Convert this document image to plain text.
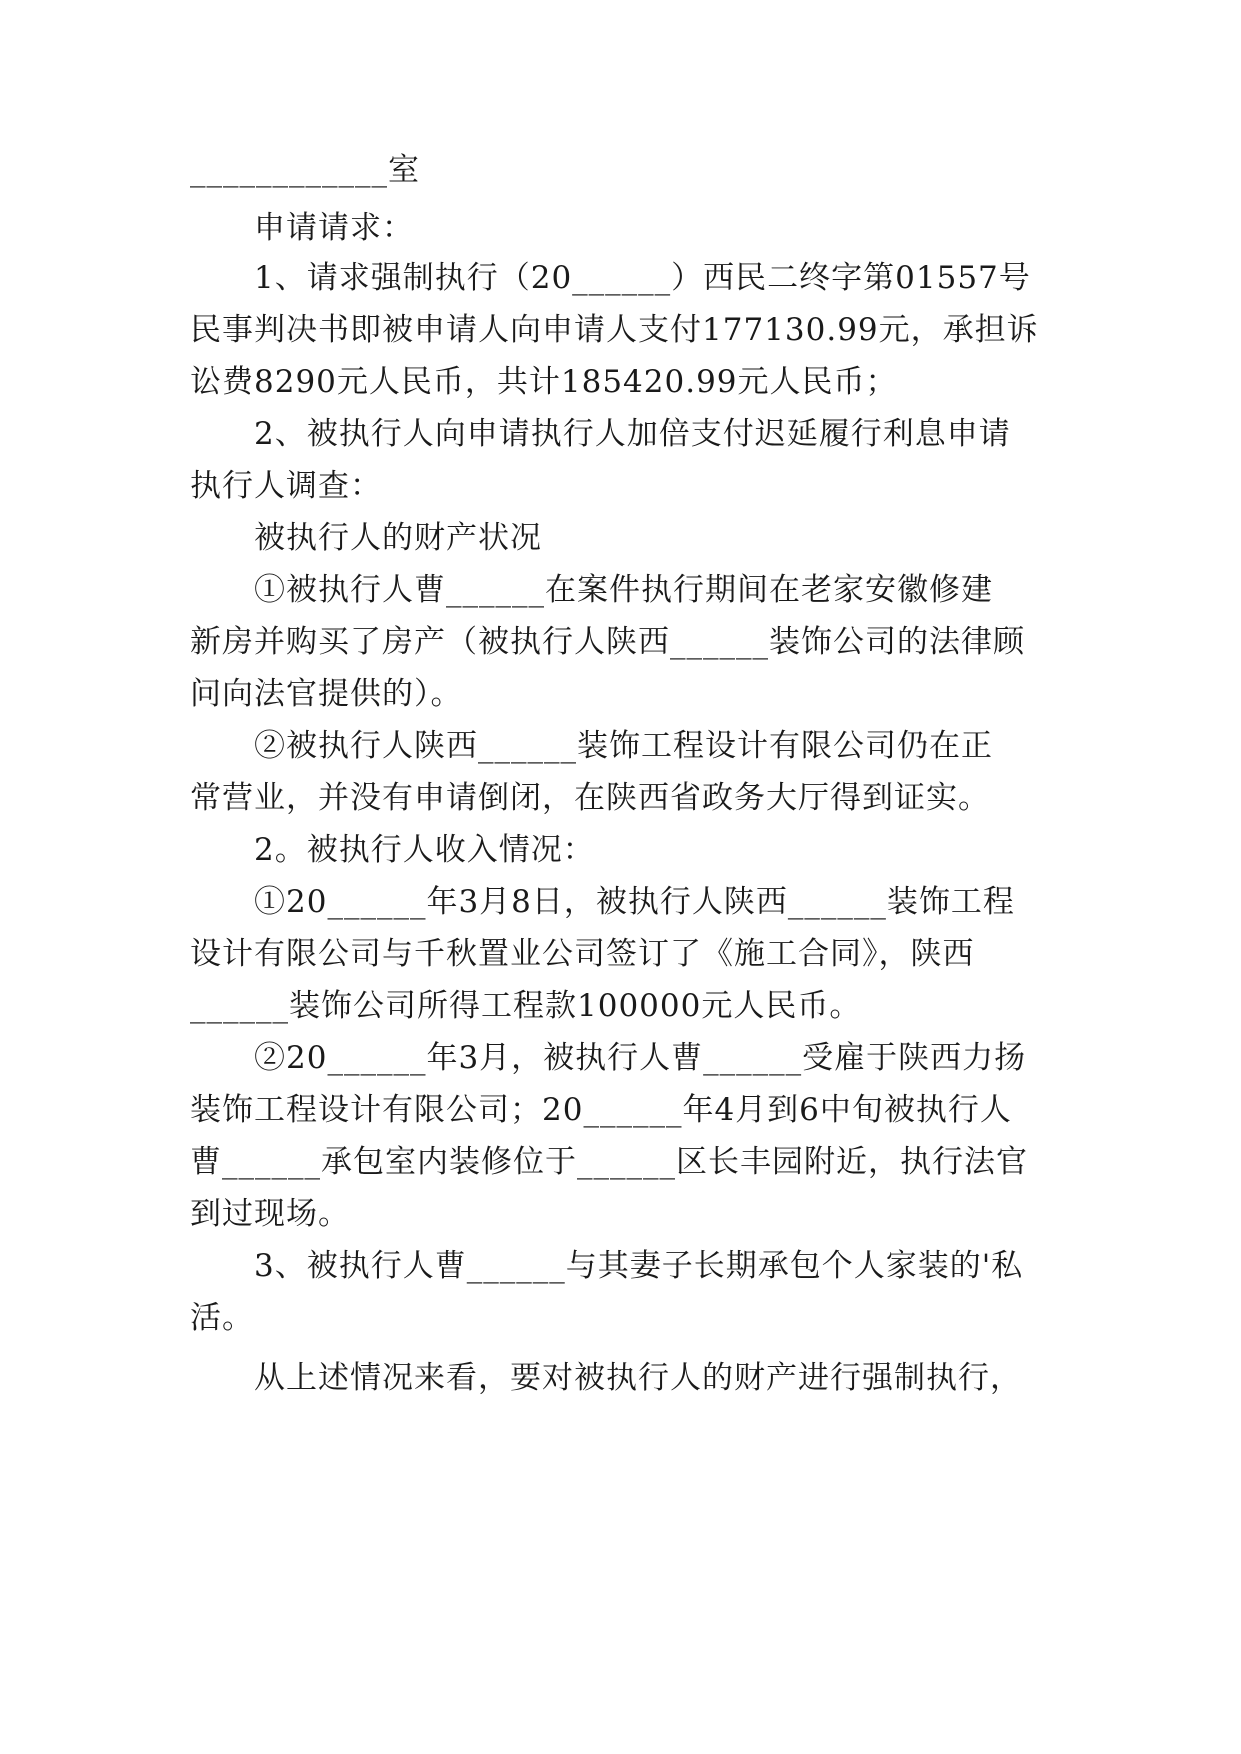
____________室
申请请求：
1、请求强制执行（20______）西民二终字第01557号
民事判决书即被申请人向申请人支付177130.99元，承担诉
讼费8290元人民币，共计185420.99元人民币；
2、被执行人向申请执行人加倍支付迟延履行利息申请
执行人调查：
被执行人的财产状况
①被执行人曹______在案件执行期间在老家安徽修建
新房并购买了房产（被执行人陕西______装饰公司的法律顾
问向法官提供的）。
②被执行人陕西______装饰工程设计有限公司仍在正
常营业，并没有申请倒闭，在陕西省政务大厅得到证实。
2。被执行人收入情况：
①20______年3月8日，被执行人陕西______装饰工程
设计有限公司与千秋置业公司签订了《施工合同》，陕西
______装饰公司所得工程款100000元人民币。
②20______年3月，被执行人曹______受雇于陕西力扬
装饰工程设计有限公司；20______年4月到6中旬被执行人
曹______承包室内装修位于______区长丰园附近，执行法官
到过现场。
3、被执行人曹______与其妻子长期承包个人家装的'私
活。
从上述情况来看，要对被执行人的财产进行强制执行，
